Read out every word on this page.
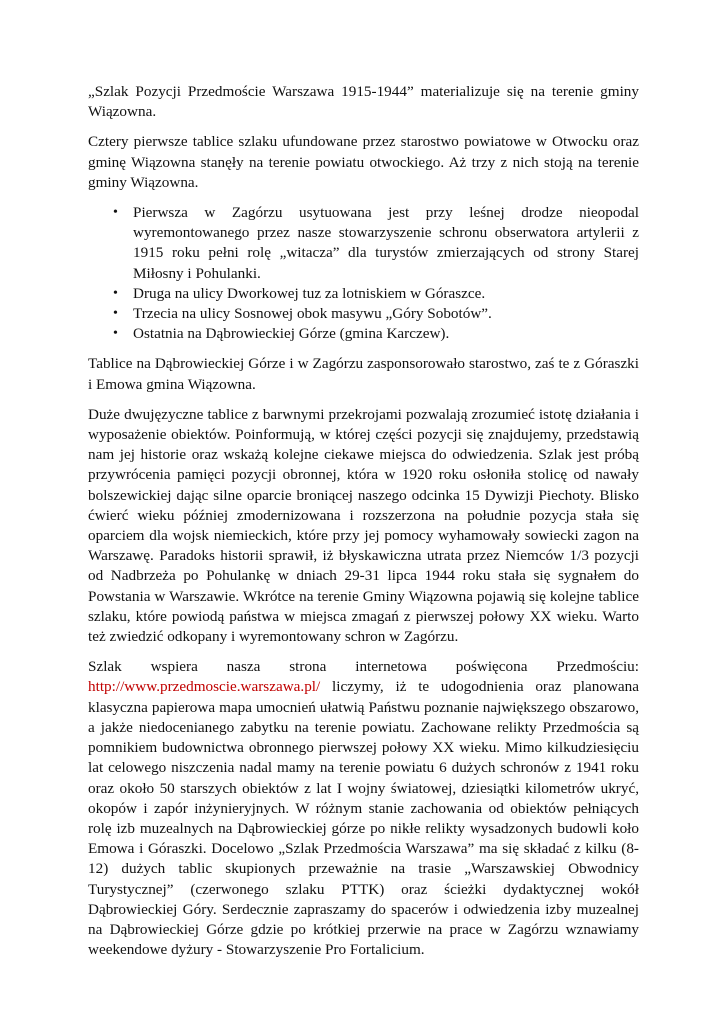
„Szlak Pozycji Przedmoście Warszawa 1915-1944” materializuje się na terenie gminy Wiązowna.

Cztery pierwsze tablice szlaku ufundowane przez starostwo powiatowe w Otwocku oraz gminę Wiązowna stanęły na terenie powiatu otwockiego. Aż trzy z nich stoją na terenie gminy Wiązowna.

• Pierwsza w Zagórzu usytuowana jest przy leśnej drodze nieopodal wyremontowanego przez nasze stowarzyszenie schronu obserwatora artylerii z 1915 roku pełni rolę „witacza” dla turystów zmierzających od strony Starej Miłosny i Pohulanki.
• Druga na ulicy Dworkowej tuz za lotniskiem w Góraszce.
• Trzecia na ulicy Sosnowej obok masywu „Góry Sobotów”.
• Ostatnia na Dąbrowieckiej Górze (gmina Karczew).

Tablice na Dąbrowieckiej Górze i w Zagórzu zasponsorowało starostwo, zaś te z Góraszki i Emowa gmina Wiązowna.

Duże dwujęzyczne tablice z barwnymi przekrojami pozwalają zrozumieć istotę działania i wyposażenie obiektów. Poinformują, w której części pozycji się znajdujemy, przedstawią nam jej historie oraz wskażą kolejne ciekawe miejsca do odwiedzenia. Szlak jest próbą przywrócenia pamięci pozycji obronnej, która w 1920 roku osłoniła stolicę od nawały bolszewickiej dając silne oparcie broniącej naszego odcinka 15 Dywizji Piechoty. Blisko ćwierć wieku później zmodernizowana i rozszerzona na południe pozycja stała się oparciem dla wojsk niemieckich, które przy jej pomocy wyhamowały sowiecki zagon na Warszawę. Paradoks historii sprawił, iż błyskawiczna utrata przez Niemców 1/3 pozycji od Nadbrzeża po Pohulankę w dniach 29-31 lipca 1944 roku stała się sygnałem do Powstania w Warszawie. Wkrótce na terenie Gminy Wiązowna pojawią się kolejne tablice szlaku, które powiodą państwa w miejsca zmagań z pierwszej połowy XX wieku. Warto też zwiedzić odkopany i wyremontowany schron w Zagórzu.

Szlak wspiera nasza strona internetowa poświęcona Przedmościu: http://www.przedmoscie.warszawa.pl/ liczymy, iż te udogodnienia oraz planowana klasyczna papierowa mapa umocnień ułatwią Państwu poznanie największego obszarowo, a jakże niedocenianego zabytku na terenie powiatu. Zachowane relikty Przedmościa są pomnikiem budownictwa obronnego pierwszej połowy XX wieku. Mimo kilkudziesięciu lat celowego niszczenia nadal mamy na terenie powiatu 6 dużych schronów z 1941 roku oraz około 50 starszych obiektów z lat I wojny światowej, dziesiątki kilometrów ukryć, okopów i zapór inżynieryjnych. W różnym stanie zachowania od obiektów pełniących rolę izb muzealnych na Dąbrowieckiej górze po nikłe relikty wysadzonych budowli koło Emowa i Góraszki. Docelowo „Szlak Przedmościa Warszawa” ma się składać z kilku (8-12) dużych tablic skupionych przeważnie na trasie „Warszawskiej Obwodnicy Turystycznej” (czerwonego szlaku PTTK) oraz ścieżki dydaktycznej wokół Dąbrowieckiej Góry. Serdecznie zapraszamy do spacerów i odwiedzenia izby muzealnej na Dąbrowieckiej Górze gdzie po krótkiej przerwie na prace w Zagórzu wznawiamy weekendowe dyżury - Stowarzyszenie Pro Fortalicium.
